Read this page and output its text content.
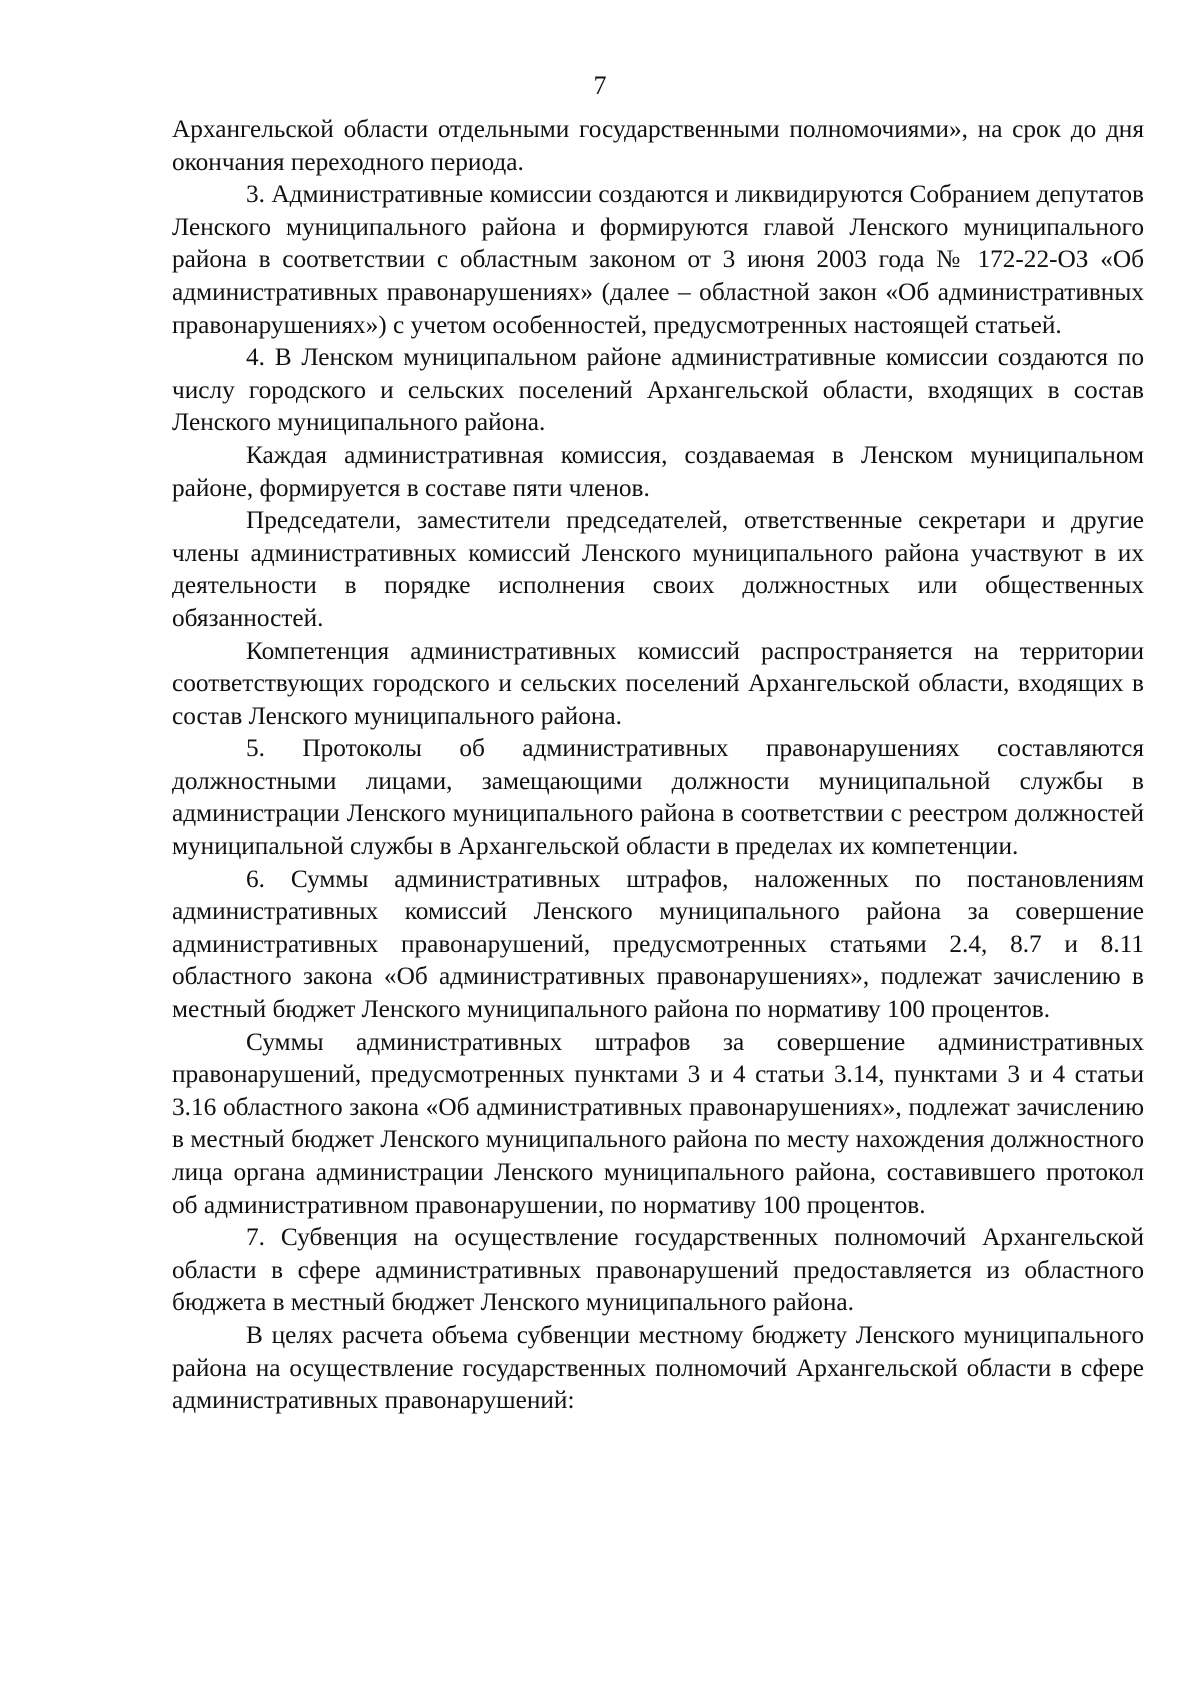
7

Архангельской области отдельными государственными полномочиями», на срок до дня окончания переходного периода.

3. Административные комиссии создаются и ликвидируются Собранием депутатов Ленского муниципального района и формируются главой Ленского муниципального района в соответствии с областным законом от 3 июня 2003 года № 172-22-ОЗ «Об административных правонарушениях» (далее – областной закон «Об административных правонарушениях») с учетом особенностей, предусмотренных настоящей статьей.

4. В Ленском муниципальном районе административные комиссии создаются по числу городского и сельских поселений Архангельской области, входящих в состав Ленского муниципального района.

Каждая административная комиссия, создаваемая в Ленском муниципальном районе, формируется в составе пяти членов.

Председатели, заместители председателей, ответственные секретари и другие члены административных комиссий Ленского муниципального района участвуют в их деятельности в порядке исполнения своих должностных или общественных обязанностей.

Компетенция административных комиссий распространяется на территории соответствующих городского и сельских поселений Архангельской области, входящих в состав Ленского муниципального района.

5. Протоколы об административных правонарушениях составляются должностными лицами, замещающими должности муниципальной службы в администрации Ленского муниципального района в соответствии с реестром должностей муниципальной службы в Архангельской области в пределах их компетенции.

6. Суммы административных штрафов, наложенных по постановлениям административных комиссий Ленского муниципального района за совершение административных правонарушений, предусмотренных статьями 2.4, 8.7 и 8.11 областного закона «Об административных правонарушениях», подлежат зачислению в местный бюджет Ленского муниципального района по нормативу 100 процентов.

Суммы административных штрафов за совершение административных правонарушений, предусмотренных пунктами 3 и 4 статьи 3.14, пунктами 3 и 4 статьи 3.16 областного закона «Об административных правонарушениях», подлежат зачислению в местный бюджет Ленского муниципального района по месту нахождения должностного лица органа администрации Ленского муниципального района, составившего протокол об административном правонарушении, по нормативу 100 процентов.

7. Субвенция на осуществление государственных полномочий Архангельской области в сфере административных правонарушений предоставляется из областного бюджета в местный бюджет Ленского муниципального района.

В целях расчета объема субвенции местному бюджету Ленского муниципального района на осуществление государственных полномочий Архангельской области в сфере административных правонарушений:
